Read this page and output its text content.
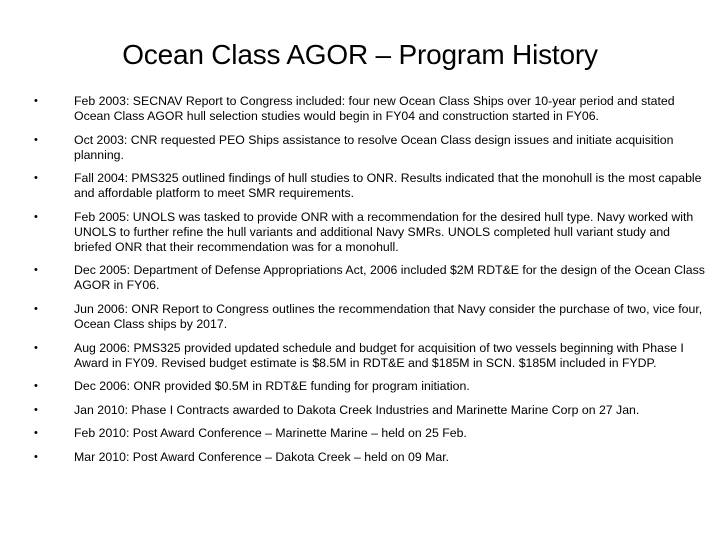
Ocean Class AGOR – Program History
•	Feb 2003: SECNAV Report to Congress included: four new Ocean Class Ships over 10-year period and stated Ocean Class AGOR hull selection studies would begin in FY04 and construction started in FY06.
•	Oct 2003: CNR requested PEO Ships assistance to resolve Ocean Class design issues and initiate acquisition planning.
•	Fall 2004: PMS325 outlined findings of hull studies to ONR. Results indicated that the monohull is the most capable and affordable platform to meet SMR requirements.
•	Feb 2005: UNOLS was tasked to provide ONR with a recommendation for the desired hull type. Navy worked with UNOLS to further refine the hull variants and additional Navy SMRs. UNOLS completed hull variant study and briefed ONR that their recommendation was for a monohull.
•	Dec 2005: Department of Defense Appropriations Act, 2006 included $2M RDT&E for the design of the Ocean Class AGOR in FY06.
•	Jun 2006: ONR Report to Congress outlines the recommendation that Navy consider the purchase of two, vice four, Ocean Class ships by 2017.
•	Aug 2006: PMS325 provided updated schedule and budget for acquisition of two vessels beginning with Phase I Award in FY09. Revised budget estimate is $8.5M in RDT&E and $185M in SCN. $185M included in FYDP.
•	Dec 2006: ONR provided $0.5M in RDT&E funding for program initiation.
•	Jan 2010: Phase I Contracts awarded to Dakota Creek Industries and Marinette Marine Corp on 27 Jan.
•	Feb 2010: Post Award Conference – Marinette Marine – held on 25 Feb.
•	Mar 2010: Post Award Conference – Dakota Creek – held on 09 Mar.
